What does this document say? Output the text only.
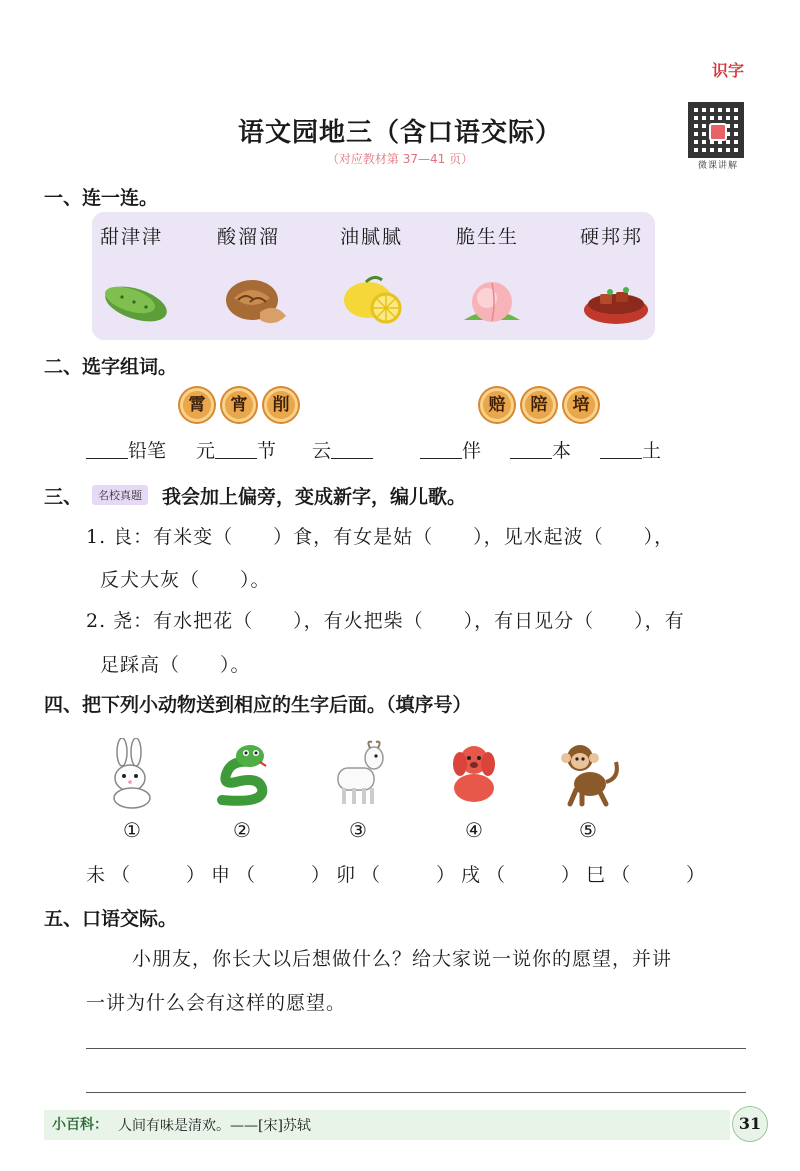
识字
微课讲解
语文园地三（含口语交际）
（对应教材第 37—41 页）
一、连一连。
甜津津	酸溜溜	油腻腻	脆生生	硬邦邦
二、选字组词。
霄	宵	削	赔	陪	培
铅笔 元 节 云	伴	本	土
三、	名校真题	我会加上偏旁，变成新字，编儿歌。
1. 良：有米变（　　）食，有女是姑（　　），见水起波（　　），
反犬大灰（　　）。
2. 尧：有水把花（　　），有火把柴（　　），有日见分（　　），有
足踩高（　　）。
四、把下列小动物送到相应的生字后面。（填序号）
①	②	③	④	⑤
未（　　）申（　　）卯（　　）戌（　　）巳（　　）
五、口语交际。
小朋友，你长大以后想做什么？给大家说一说你的愿望，并讲
一讲为什么会有这样的愿望。
小百科： 人间有味是清欢。——[宋]苏轼	31
